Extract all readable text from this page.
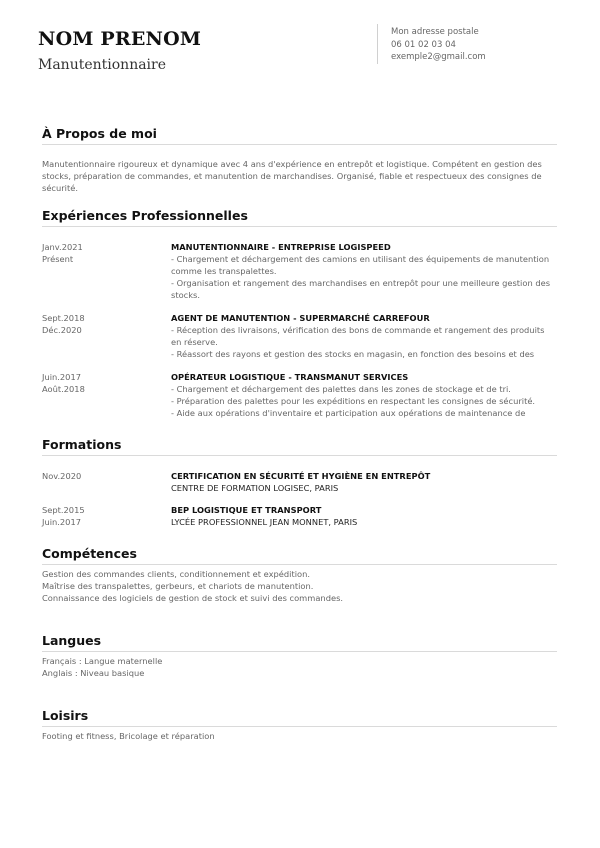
NOM PRENOM
Manutentionnaire
Mon adresse postale
06 01 02 03 04
exemple2@gmail.com
À Propos de moi
Manutentionnaire rigoureux et dynamique avec 4 ans d'expérience en entrepôt et logistique. Compétent en gestion des stocks, préparation de commandes, et manutention de marchandises. Organisé, fiable et respectueux des consignes de sécurité.
Expériences Professionnelles
Janv.2021
Présent
MANUTENTIONNAIRE - ENTREPRISE LOGISPEED
- Chargement et déchargement des camions en utilisant des équipements de manutention comme les transpalettes.
- Organisation et rangement des marchandises en entrepôt pour une meilleure gestion des stocks.
Sept.2018
Déc.2020
AGENT DE MANUTENTION - SUPERMARCHÉ CARREFOUR
- Réception des livraisons, vérification des bons de commande et rangement des produits en réserve.
- Réassort des rayons et gestion des stocks en magasin, en fonction des besoins et des
Juin.2017
Août.2018
OPÉRATEUR LOGISTIQUE - TRANSMANUT SERVICES
- Chargement et déchargement des palettes dans les zones de stockage et de tri.
- Préparation des palettes pour les expéditions en respectant les consignes de sécurité.
- Aide aux opérations d'inventaire et participation aux opérations de maintenance de
Formations
Nov.2020	CERTIFICATION EN SÉCURITÉ ET HYGIÈNE EN ENTREPÔT
CENTRE DE FORMATION LOGISEC, PARIS
Sept.2015
Juin.2017
BEP LOGISTIQUE ET TRANSPORT
LYCÉE PROFESSIONNEL JEAN MONNET, PARIS
Compétences
Gestion des commandes clients, conditionnement et expédition.
Maîtrise des transpalettes, gerbeurs, et chariots de manutention.
Connaissance des logiciels de gestion de stock et suivi des commandes.
Langues
Français : Langue maternelle
Anglais : Niveau basique
Loisirs
Footing et fitness, Bricolage et réparation
